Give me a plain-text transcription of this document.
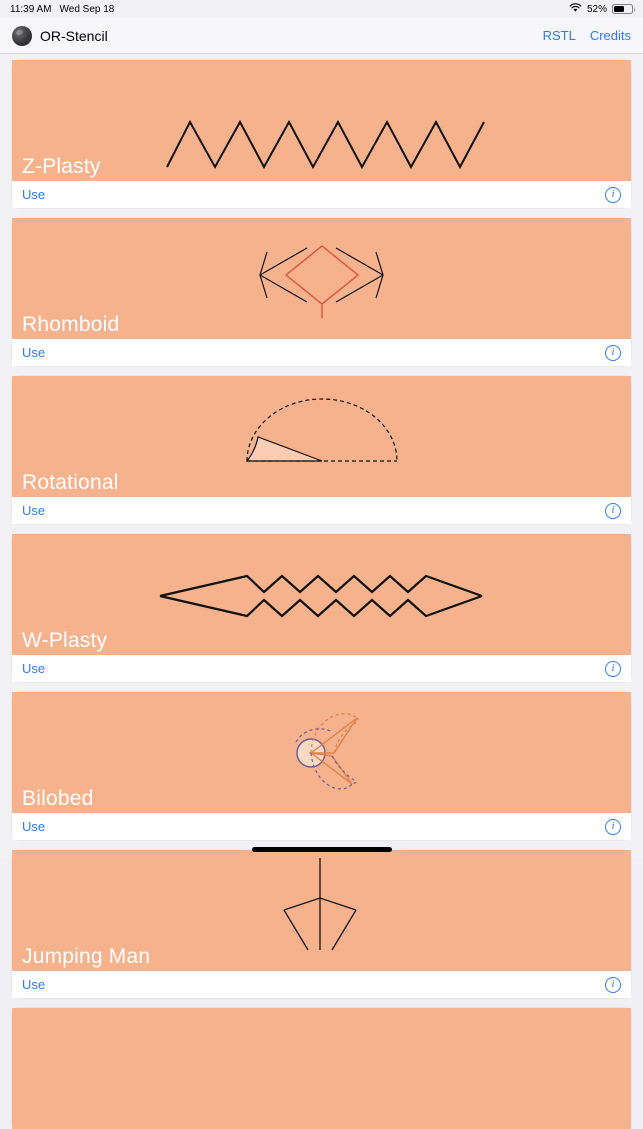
11:39 AM Wed Sep 18	52%
OR-Stencil	RSTL Credits
Z-Plasty
Use	i
Rhomboid
Use	i
Rotational
Use	i
W-Plasty
Use	i
Bilobed
Use	i
Jumping Man
Use	i
